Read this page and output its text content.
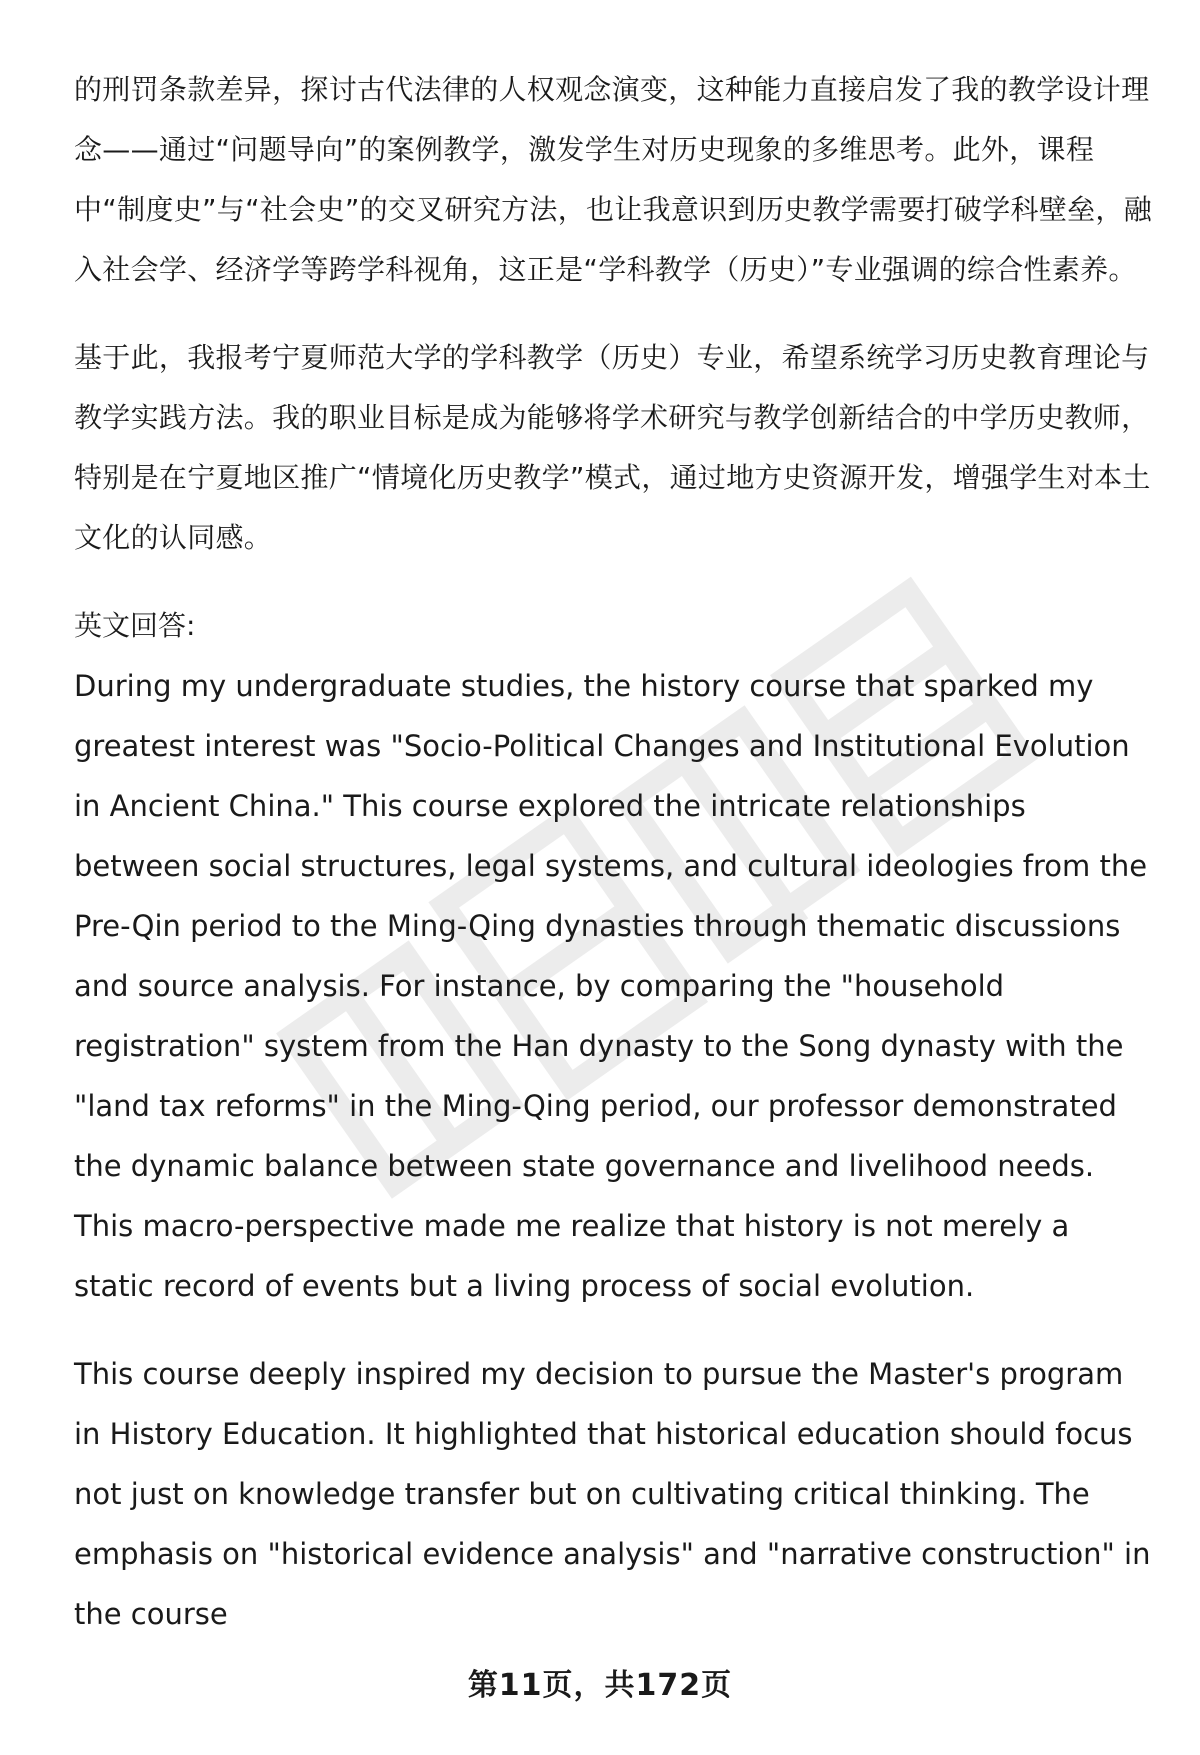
的刑罚条款差异，探讨古代法律的人权观念演变，这种能力直接启发了我的教学设计理念——通过“问题导向”的案例教学，激发学生对历史现象的多维思考。此外，课程中“制度史”与“社会史”的交叉研究方法，也让我意识到历史教学需要打破学科壁垒，融入社会学、经济学等跨学科视角，这正是“学科教学（历史）”专业强调的综合性素养。

基于此，我报考宁夏师范大学的学科教学（历史）专业，希望系统学习历史教育理论与教学实践方法。我的职业目标是成为能够将学术研究与教学创新结合的中学历史教师，特别是在宁夏地区推广“情境化历史教学”模式，通过地方史资源开发，增强学生对本土文化的认同感。

英文回答:

During my undergraduate studies, the history course that sparked my greatest interest was "Socio-Political Changes and Institutional Evolution in Ancient China." This course explored the intricate relationships between social structures, legal systems, and cultural ideologies from the Pre-Qin period to the Ming-Qing dynasties through thematic discussions and source analysis. For instance, by comparing the "household registration" system from the Han dynasty to the Song dynasty with the "land tax reforms" in the Ming-Qing period, our professor demonstrated the dynamic balance between state governance and livelihood needs. This macro-perspective made me realize that history is not merely a static record of events but a living process of social evolution.

This course deeply inspired my decision to pursue the Master's program in History Education. It highlighted that historical education should focus not just on knowledge transfer but on cultivating critical thinking. The emphasis on "historical evidence analysis" and "narrative construction" in the course

第11页，共172页
